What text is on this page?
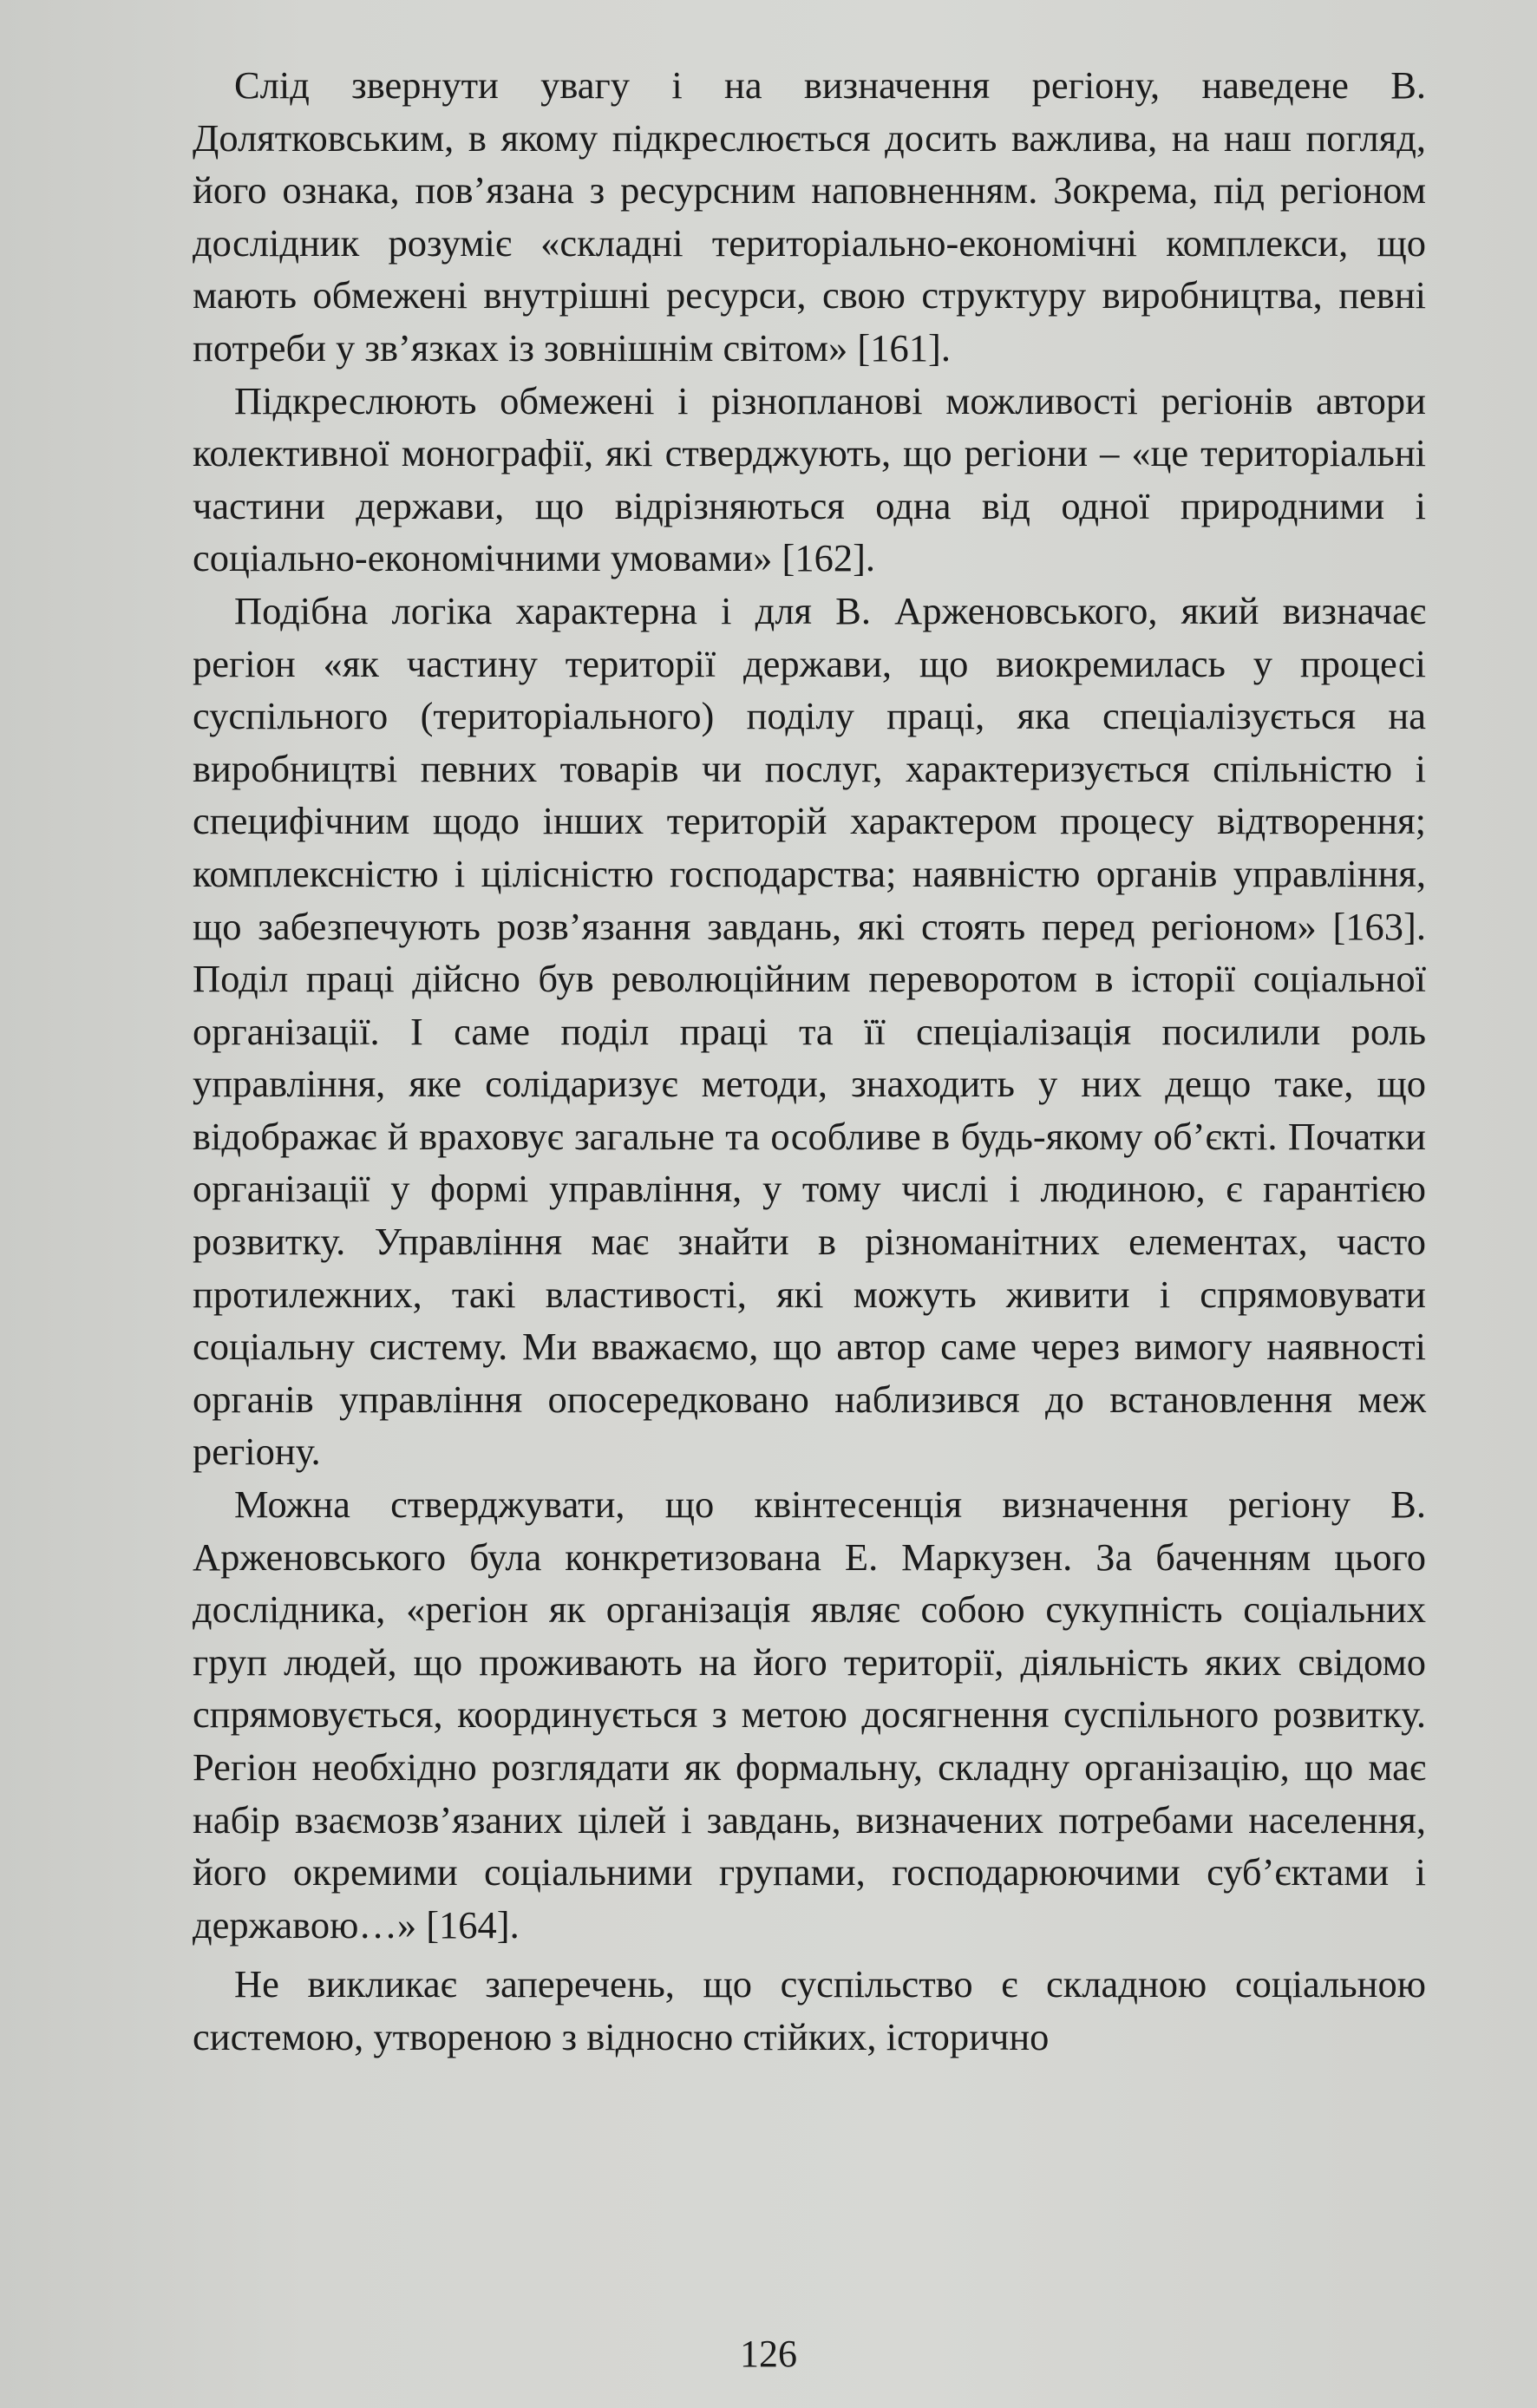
Слід звернути увагу і на визначення регіону, наведене В. Долятковським, в якому підкреслюється досить важлива, на наш погляд, його ознака, пов’язана з ресурсним наповненням. Зокрема, під регіоном дослідник розуміє «складні територіально-економічні комплекси, що мають обмежені внутрішні ресурси, свою структуру виробництва, певні потреби у зв’язках із зовнішнім світом» [161].

Підкреслюють обмежені і різнопланові можливості регіонів автори колективної монографії, які стверджують, що регіони – «це територіальні частини держави, що відрізняються одна від одної природними і соціально-економічними умовами» [162].

Подібна логіка характерна і для В. Арженовського, який визначає регіон «як частину території держави, що виокремилась у процесі суспільного (територіального) поділу праці, яка спеціалізується на виробництві певних товарів чи послуг, характеризується спільністю і специфічним щодо інших територій характером процесу відтворення; комплексністю і цілісністю господарства; наявністю органів управління, що забезпечують розв’язання завдань, які стоять перед регіоном» [163]. Поділ праці дійсно був революційним переворотом в історії соціальної організації. І саме поділ праці та її спеціалізація посилили роль управління, яке солідаризує методи, знаходить у них дещо таке, що відображає й враховує загальне та особливе в будь-якому об’єкті. Початки організації у формі управління, у тому числі і людиною, є гарантією розвитку. Управління має знайти в різноманітних елементах, часто протилежних, такі властивості, які можуть живити і спрямовувати соціальну систему. Ми вважаємо, що автор саме через вимогу наявності органів управління опосередковано наблизився до встановлення меж регіону.

Можна стверджувати, що квінтесенція визначення регіону В. Арженовського була конкретизована Е. Маркузен. За баченням цього дослідника, «регіон як організація являє собою сукупність соціальних груп людей, що проживають на його території, діяльність яких свідомо спрямовується, координується з метою досягнення суспільного розвитку. Регіон необхідно розглядати як формальну, складну організацію, що має набір взаємозв’язаних цілей і завдань, визначених потребами населення, його окремими соціальними групами, господарюючими суб’єктами і державою…» [164].

Не викликає заперечень, що суспільство є складною соціальною системою, утвореною з відносно стійких, історично

126
